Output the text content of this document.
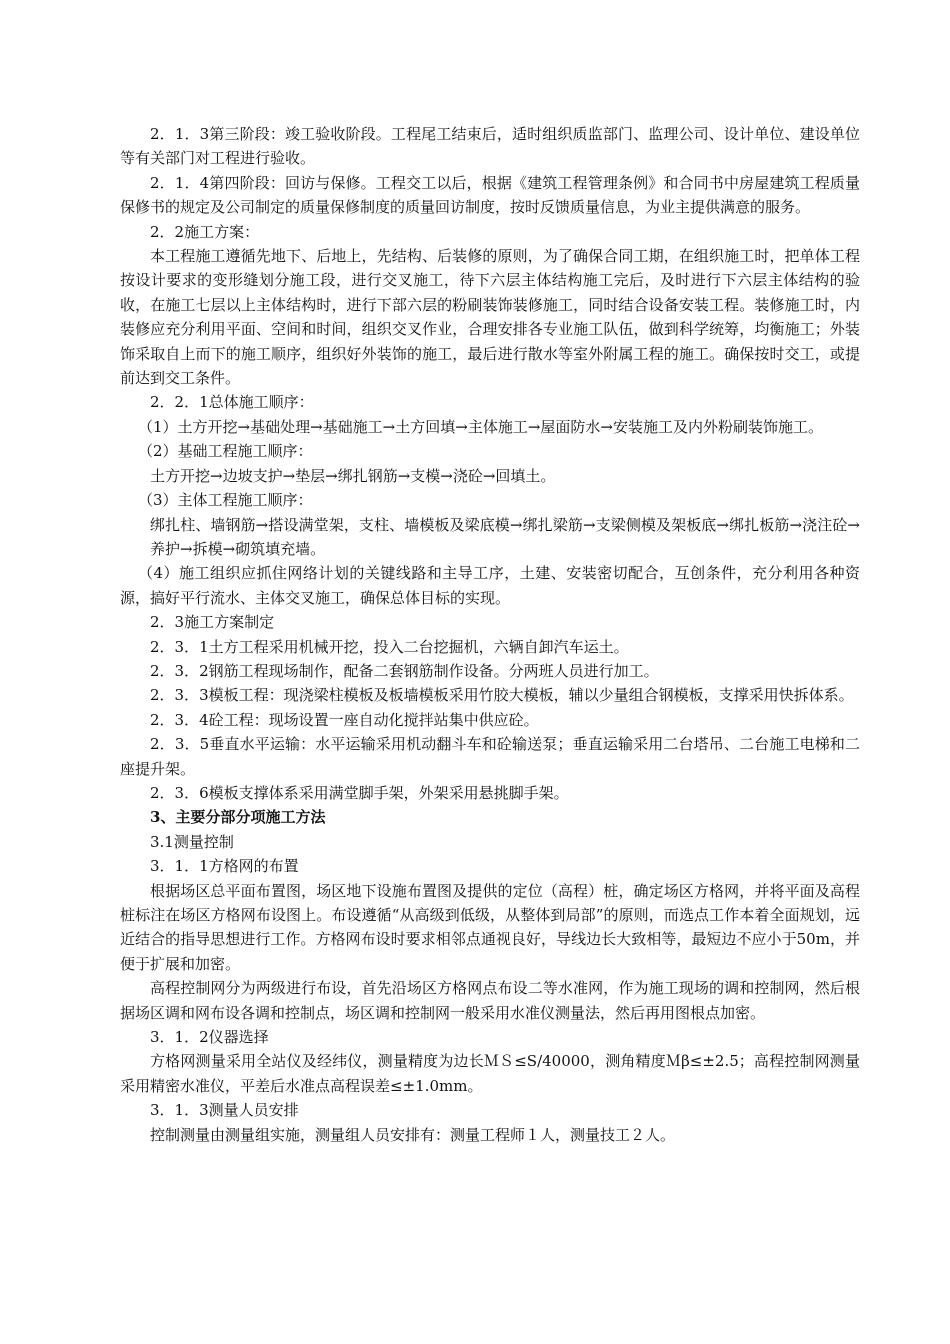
2．1．3第三阶段：竣工验收阶段。工程尾工结束后，适时组织质监部门、监理公司、设计单位、建设单位等有关部门对工程进行验收。

2．1．4第四阶段：回访与保修。工程交工以后，根据《建筑工程管理条例》和合同书中房屋建筑工程质量保修书的规定及公司制定的质量保修制度的质量回访制度，按时反馈质量信息，为业主提供满意的服务。

2．2施工方案：

本工程施工遵循先地下、后地上，先结构、后装修的原则，为了确保合同工期，在组织施工时，把单体工程按设计要求的变形缝划分施工段，进行交叉施工，待下六层主体结构施工完后，及时进行下六层主体结构的验收，在施工七层以上主体结构时，进行下部六层的粉刷装饰装修施工，同时结合设备安装工程。装修施工时，内装修应充分利用平面、空间和时间，组织交叉作业，合理安排各专业施工队伍，做到科学统筹，均衡施工；外装饰采取自上而下的施工顺序，组织好外装饰的施工，最后进行散水等室外附属工程的施工。确保按时交工，或提前达到交工条件。

2．2．1总体施工顺序：

（1）土方开挖→基础处理→基础施工→土方回填→主体施工→屋面防水→安装施工及内外粉刷装饰施工。

（2）基础工程施工顺序：

土方开挖→边坡支护→垫层→绑扎钢筋→支模→浇砼→回填土。

（3）主体工程施工顺序：

绑扎柱、墙钢筋→搭设满堂架，支柱、墙模板及梁底模→绑扎梁筋→支梁侧模及架板底→绑扎板筋→浇注砼→养护→拆模→砌筑填充墙。

（4）施工组织应抓住网络计划的关键线路和主导工序，土建、安装密切配合，互创条件，充分利用各种资源，搞好平行流水、主体交叉施工，确保总体目标的实现。

2．3施工方案制定

2．3．1土方工程采用机械开挖，投入二台挖掘机，六辆自卸汽车运土。

2．3．2钢筋工程现场制作，配备二套钢筋制作设备。分两班人员进行加工。

2．3．3模板工程：现浇梁柱模板及板墙模板采用竹胶大模板，辅以少量组合钢模板，支撑采用快拆体系。

2．3．4砼工程：现场设置一座自动化搅拌站集中供应砼。

2．3．5垂直水平运输：水平运输采用机动翻斗车和砼输送泵；垂直运输采用二台塔吊、二台施工电梯和二座提升架。

2．3．6模板支撑体系采用满堂脚手架，外架采用悬挑脚手架。

3、主要分部分项施工方法

3.1测量控制

3．1．1方格网的布置

根据场区总平面布置图，场区地下设施布置图及提供的定位（高程）桩，确定场区方格网，并将平面及高程桩标注在场区方格网布设图上。布设遵循“从高级到低级，从整体到局部”的原则，而选点工作本着全面规划，远近结合的指导思想进行工作。方格网布设时要求相邻点通视良好，导线边长大致相等，最短边不应小于50m，并便于扩展和加密。

高程控制网分为两级进行布设，首先沿场区方格网点布设二等水准网，作为施工现场的调和控制网，然后根据场区调和网布设各调和控制点，场区调和控制网一般采用水准仪测量法，然后再用图根点加密。

3．1．2仪器选择

方格网测量采用全站仪及经纬仪，测量精度为边长ＭＳ≤S/40000，测角精度Ｍβ≤±2.5；高程控制网测量采用精密水准仪，平差后水准点高程误差≤±1.0mm。

3．1．3测量人员安排

控制测量由测量组实施，测量组人员安排有：测量工程师１人，测量技工２人。
